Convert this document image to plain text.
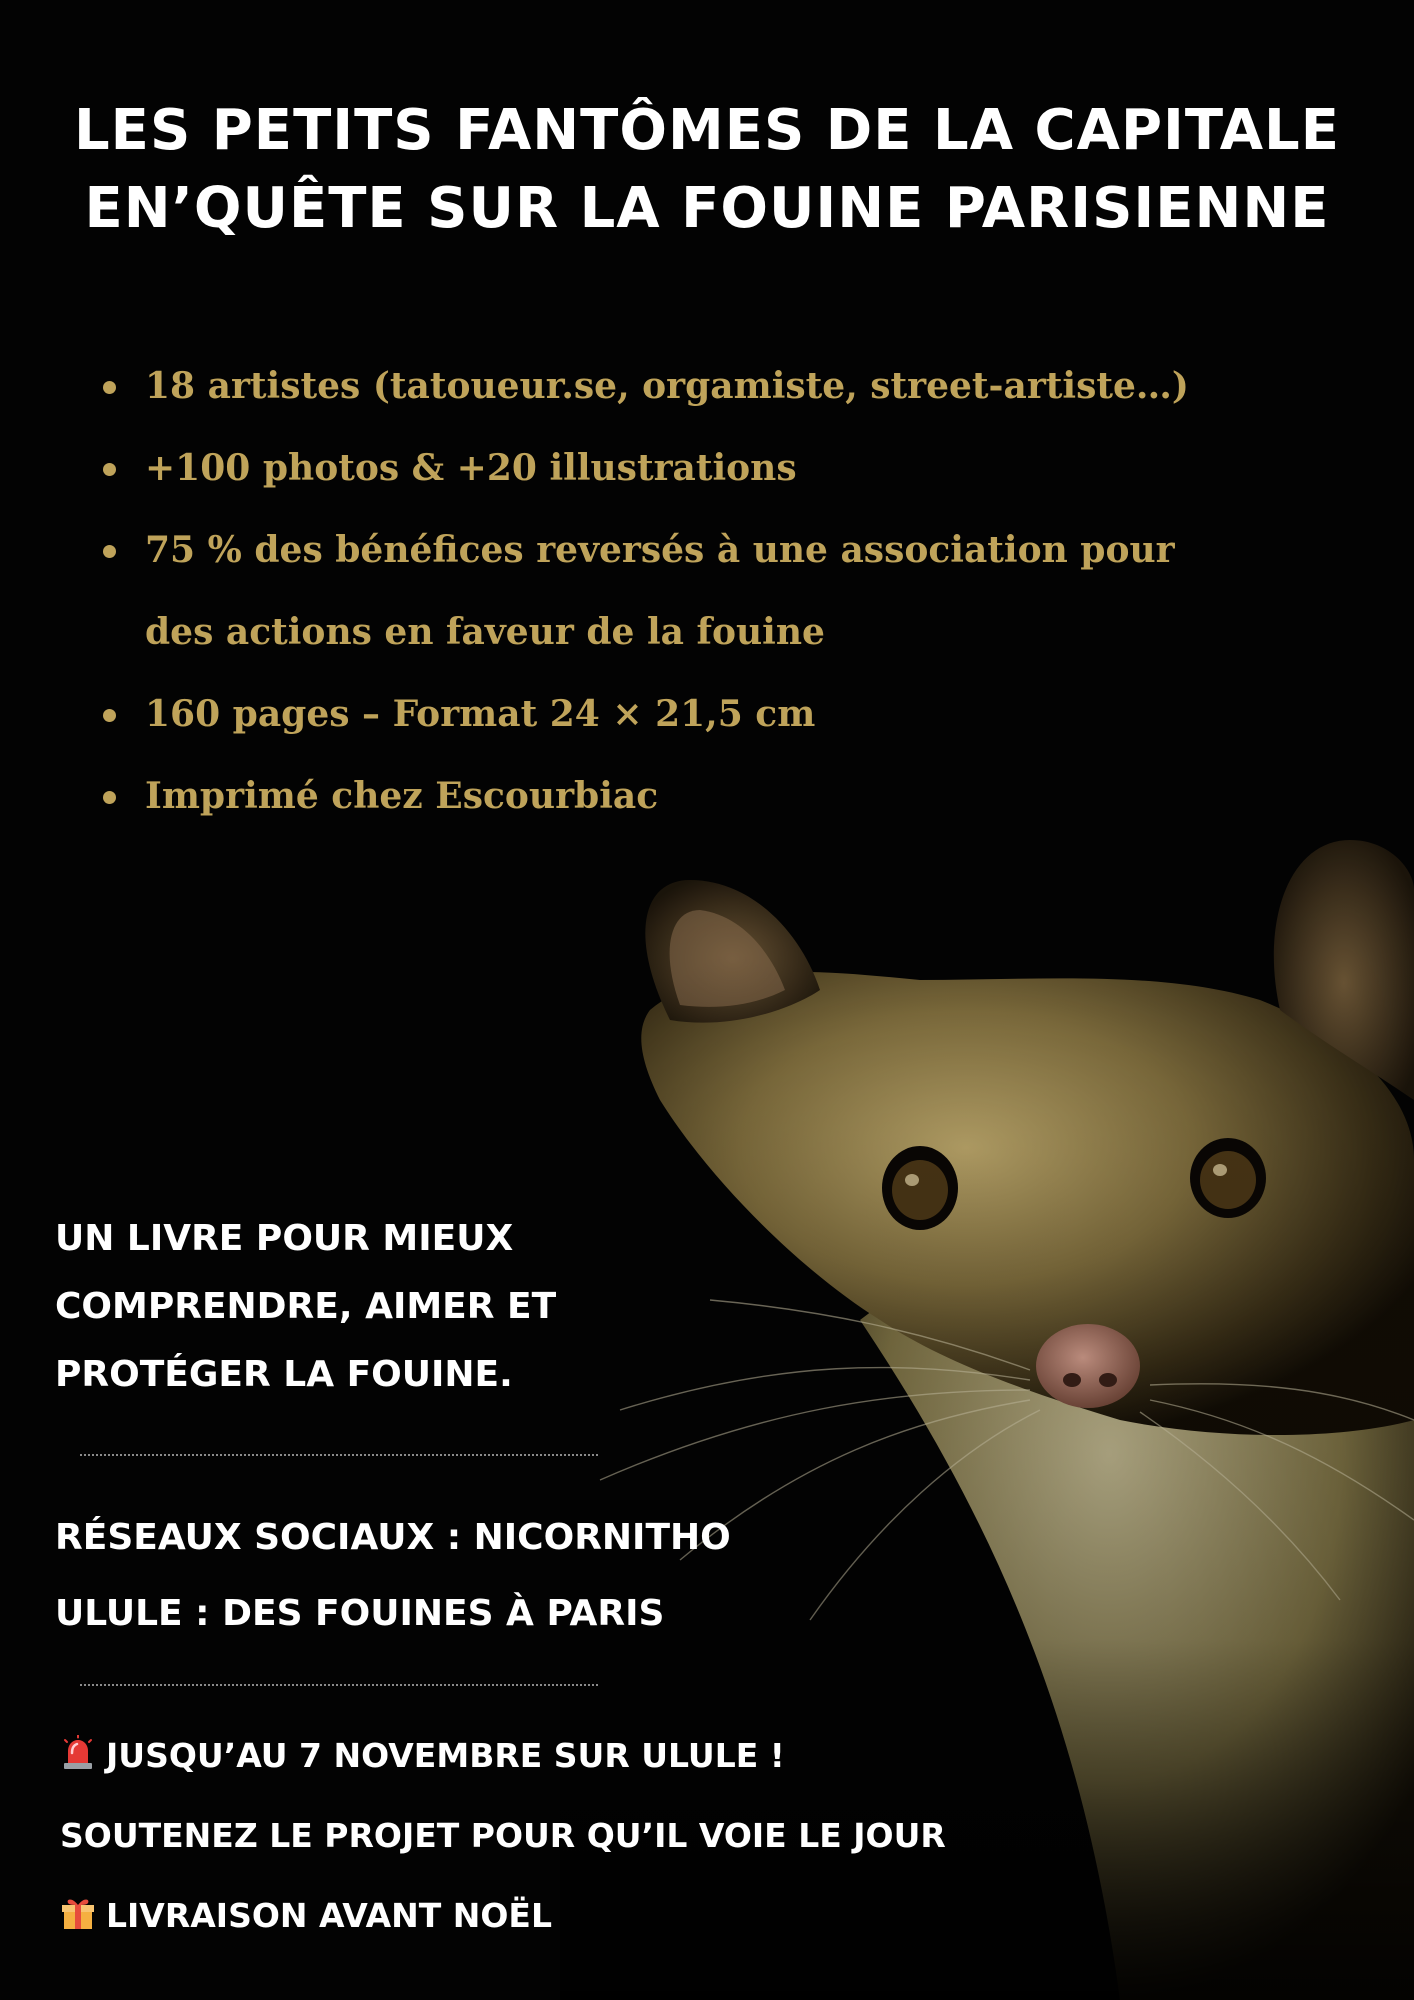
LES PETITS FANTÔMES DE LA CAPITALE
EN’QUÊTE SUR LA FOUINE PARISIENNE
18 artistes (tatoueur.se, orgamiste, street-artiste…)
+100 photos & +20 illustrations
75 % des bénéfices reversés à une association pour
des actions en faveur de la fouine
160 pages – Format 24 × 21,5 cm
Imprimé chez Escourbiac
UN LIVRE POUR MIEUX
COMPRENDRE, AIMER ET
PROTÉGER LA FOUINE.
RÉSEAUX SOCIAUX : NICORNITHO
ULULE : DES FOUINES À PARIS
JUSQU’AU 7 NOVEMBRE SUR ULULE !
SOUTENEZ LE PROJET POUR QU’IL VOIE LE JOUR
LIVRAISON AVANT NOËL
